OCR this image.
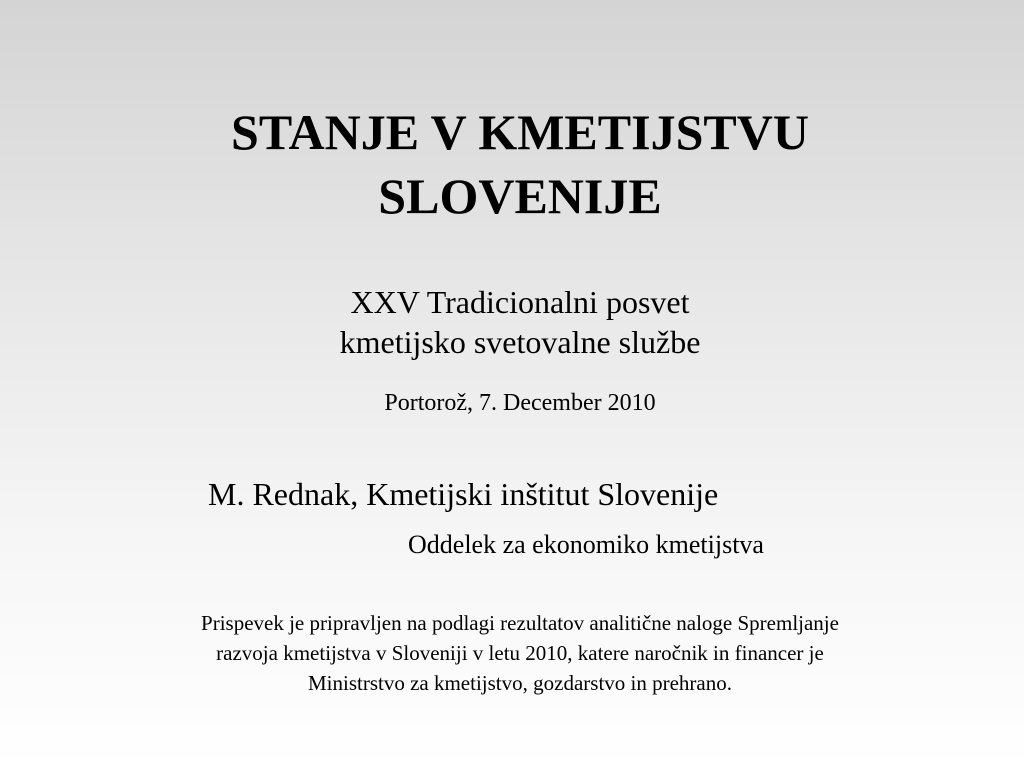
STANJE V KMETIJSTVU
SLOVENIJE
XXV Tradicionalni posvet
kmetijsko svetovalne službe
Portorož, 7. December 2010
M. Rednak, Kmetijski inštitut Slovenije
Oddelek za ekonomiko kmetijstva
Prispevek je pripravljen na podlagi rezultatov analitične naloge Spremljanje
razvoja kmetijstva v Sloveniji v letu 2010, katere naročnik in financer je
Ministrstvo za kmetijstvo, gozdarstvo in prehrano.
